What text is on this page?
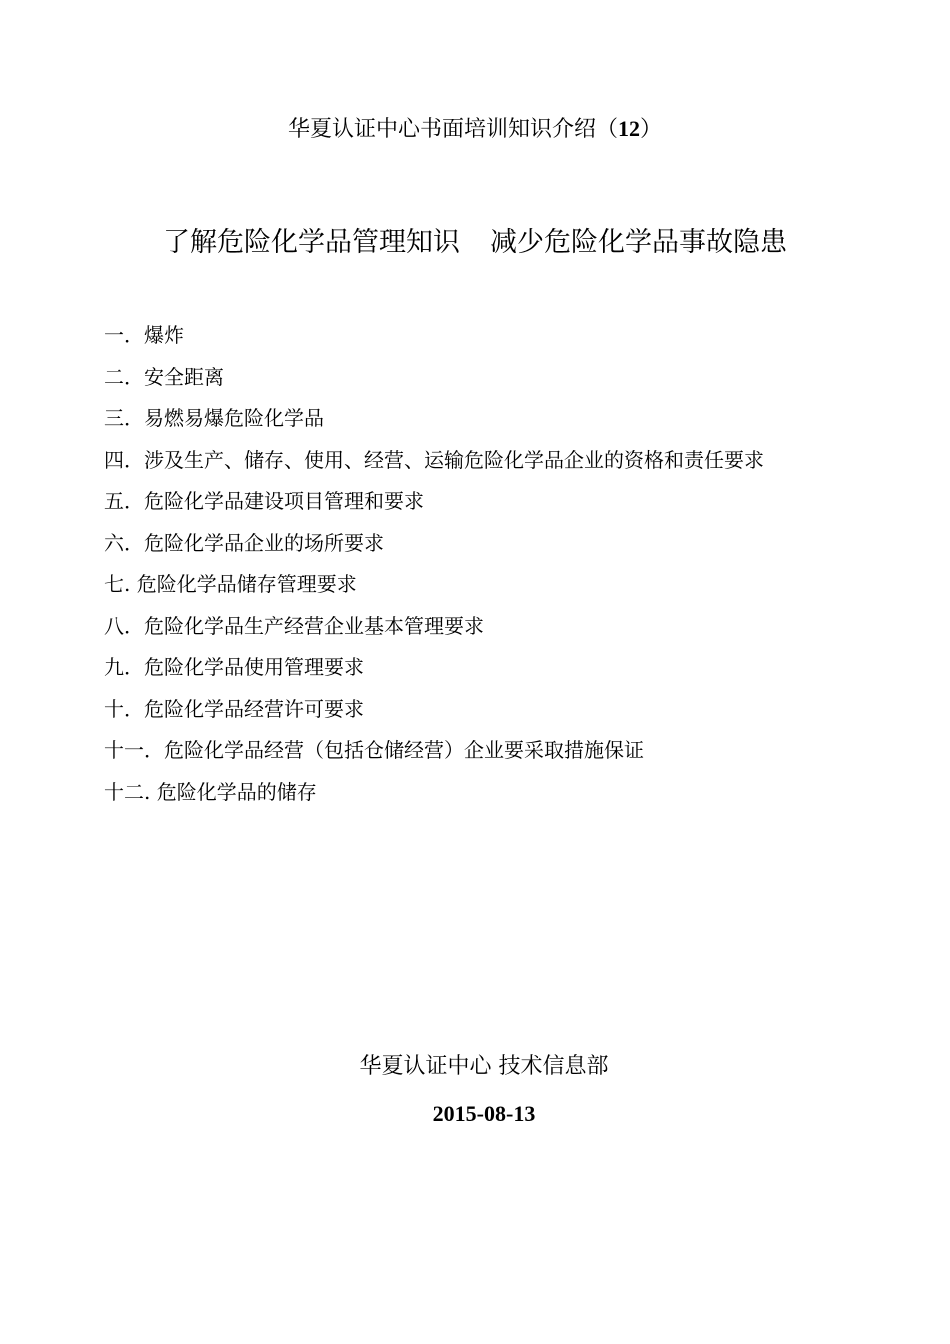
华夏认证中心书面培训知识介绍（12）
了解危险化学品管理知识 减少危险化学品事故隐患
一．爆炸
二．安全距离
三．易燃易爆危险化学品
四．涉及生产、储存、使用、经营、运输危险化学品企业的资格和责任要求
五．危险化学品建设项目管理和要求
六．危险化学品企业的场所要求
七. 危险化学品储存管理要求
八．危险化学品生产经营企业基本管理要求
九．危险化学品使用管理要求
十．危险化学品经营许可要求
十一．危险化学品经营（包括仓储经营）企业要采取措施保证
十二. 危险化学品的储存
华夏认证中心 技术信息部
2015-08-13
